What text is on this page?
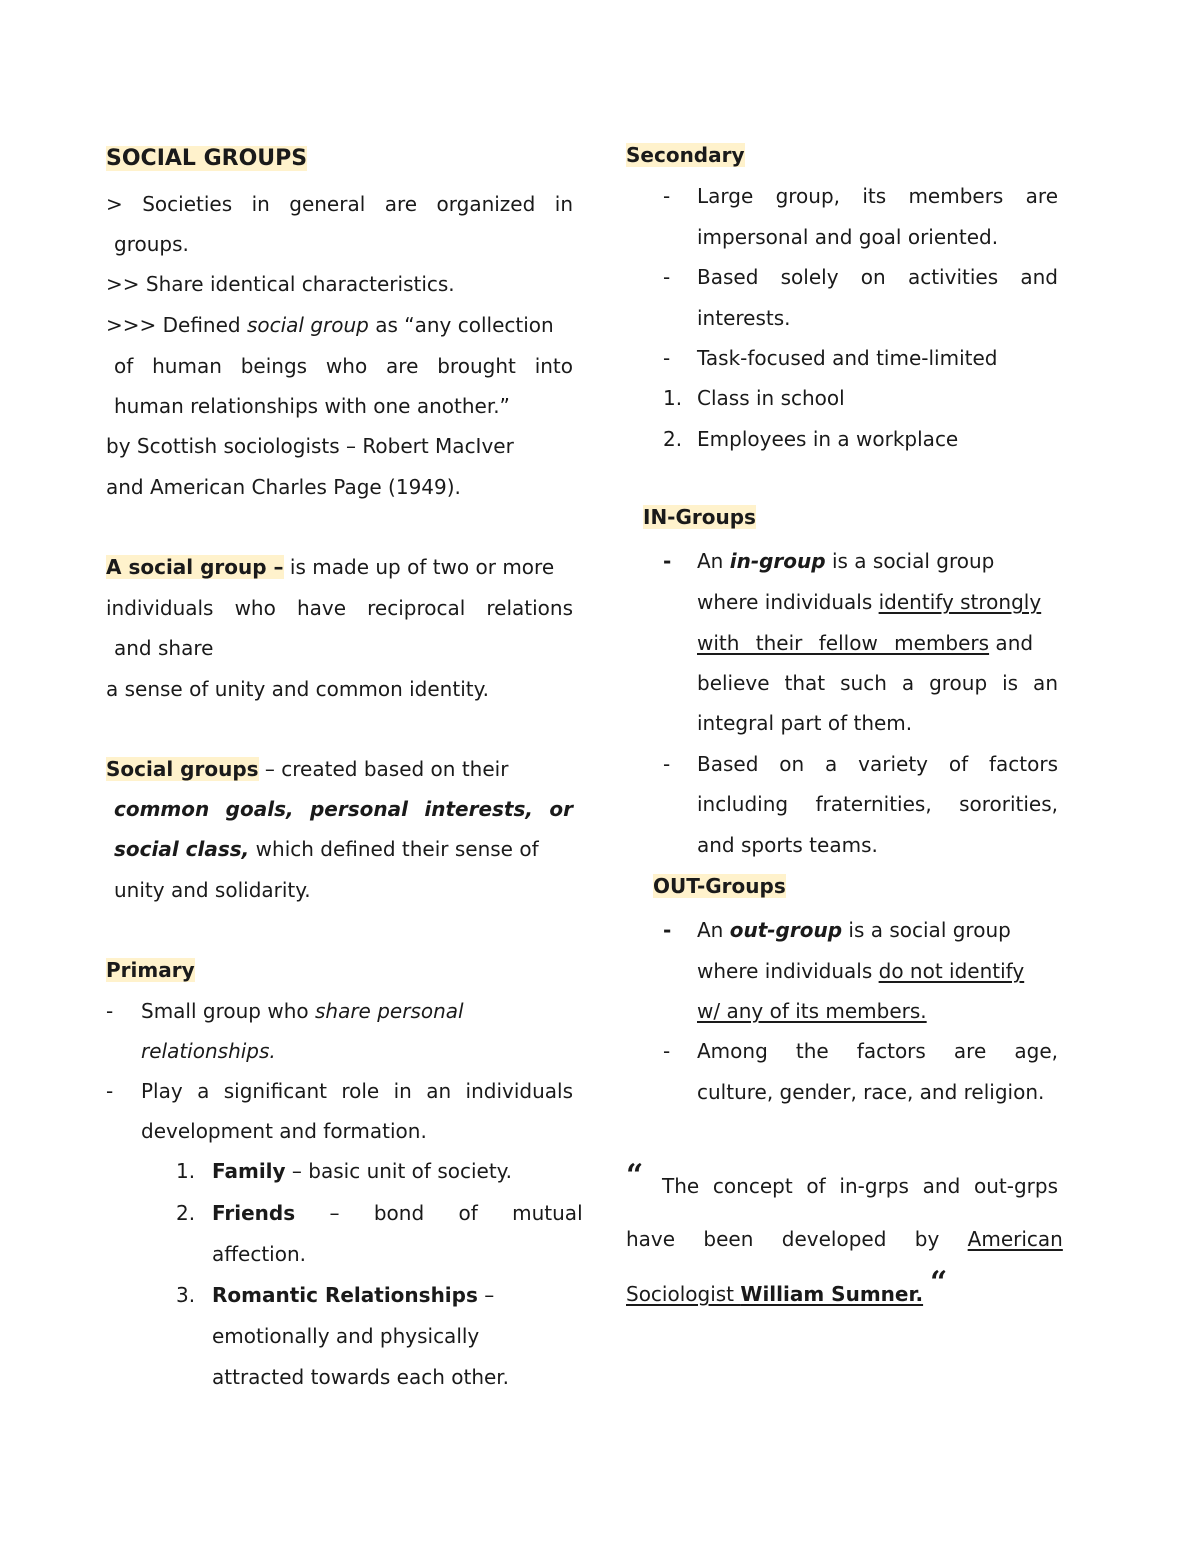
SOCIAL GROUPS
> Societies in general are organized in
groups.
>> Share identical characteristics.
>>> Defined social group as “any collection
of human beings who are brought into
human relationships with one another.”
by Scottish sociologists – Robert MacIver
and American Charles Page (1949).
A social group – is made up of two or more
individuals who have reciprocal relations
and share
a sense of unity and common identity.
Social groups – created based on their
common goals, personal interests, or
social class, which defined their sense of
unity and solidarity.
Primary
- Small group who share personal
relationships.
- Play a significant role in an individuals
development and formation.
1. Family – basic unit of society.
2. Friends – bond of mutual
affection.
3. Romantic Relationships –
emotionally and physically
attracted towards each other.
Secondary
- Large group, its members are
impersonal and goal oriented.
- Based solely on activities and
interests.
- Task-focused and time-limited
1. Class in school
2. Employees in a workplace
IN-Groups
- An in-group is a social group
where individuals identify strongly
with their fellow members and
believe that such a group is an
integral part of them.
- Based on a variety of factors
including fraternities, sororities,
and sports teams.
OUT-Groups
- An out-group is a social group
where individuals do not identify
w/ any of its members.
- Among the factors are age,
culture, gender, race, and religion.
“ The concept of in-grps and out-grps
have been developed by American
Sociologist William Sumner. “
